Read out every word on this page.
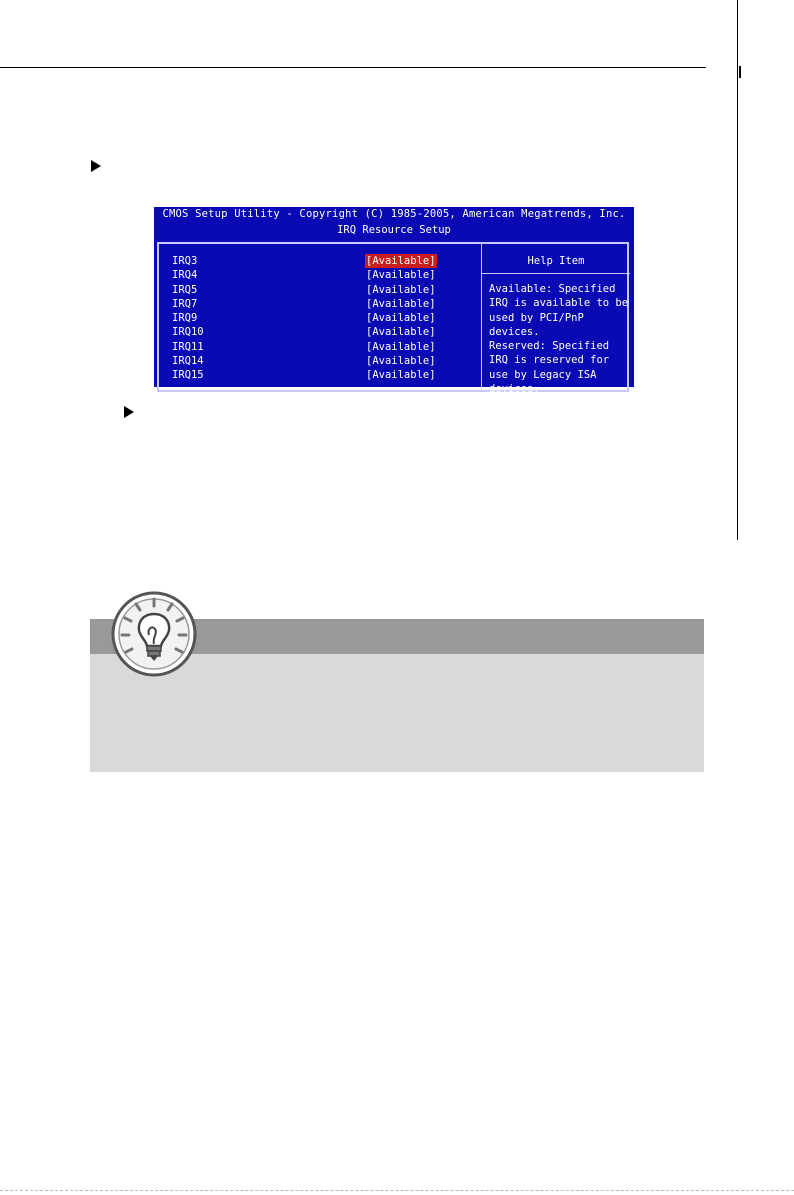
CMOS Setup Utility - Copyright (C) 1985-2005, American Megatrends, Inc.
IRQ Resource Setup
IRQ3	[Available]
IRQ4	[Available]
IRQ5	[Available]
IRQ7	[Available]
IRQ9	[Available]
IRQ10	[Available]
IRQ11	[Available]
IRQ14	[Available]
IRQ15	[Available]
Help Item
Available: Specified
IRQ is available to be
used by PCI/PnP
devices.
Reserved: Specified
IRQ is reserved for
use by Legacy ISA
devices.
